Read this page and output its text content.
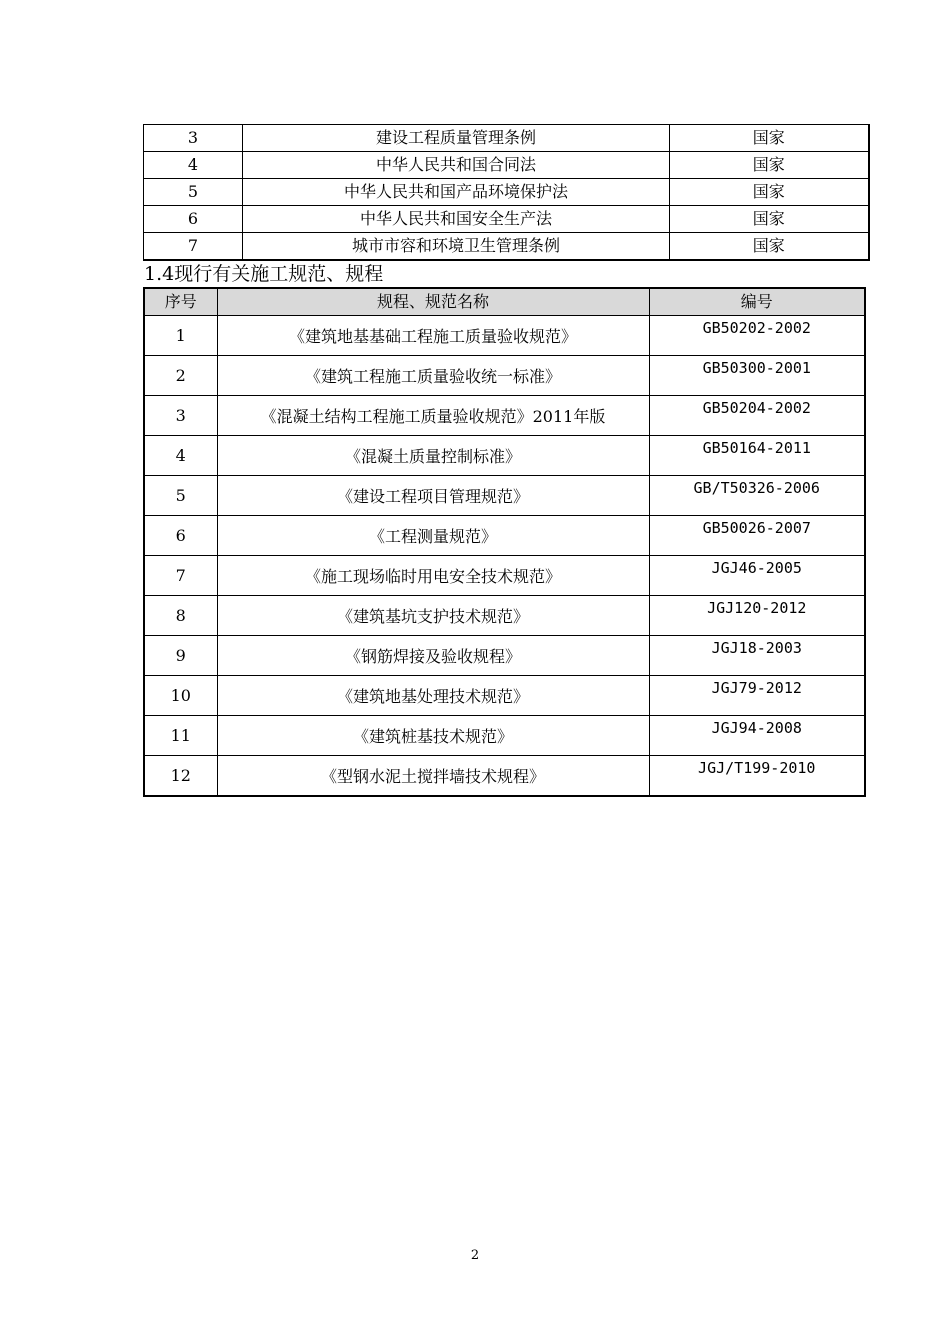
3	建设工程质量管理条例	国家
4	中华人民共和国合同法	国家
5	中华人民共和国产品环境保护法	国家
6	中华人民共和国安全生产法	国家
7	城市市容和环境卫生管理条例	国家
1.4现行有关施工规范、规程
序号	规程、规范名称	编号
1	《建筑地基基础工程施工质量验收规范》	GB50202-2002
2	《建筑工程施工质量验收统一标准》	GB50300-2001
3	《混凝土结构工程施工质量验收规范》2011年版	GB50204-2002
4	《混凝土质量控制标准》	GB50164-2011
5	《建设工程项目管理规范》	GB/T50326-2006
6	《工程测量规范》	GB50026-2007
7	《施工现场临时用电安全技术规范》	JGJ46-2005
8	《建筑基坑支护技术规范》	JGJ120-2012
9	《钢筋焊接及验收规程》	JGJ18-2003
10	《建筑地基处理技术规范》	JGJ79-2012
11	《建筑桩基技术规范》	JGJ94-2008
12	《型钢水泥土搅拌墙技术规程》	JGJ/T199-2010
2
